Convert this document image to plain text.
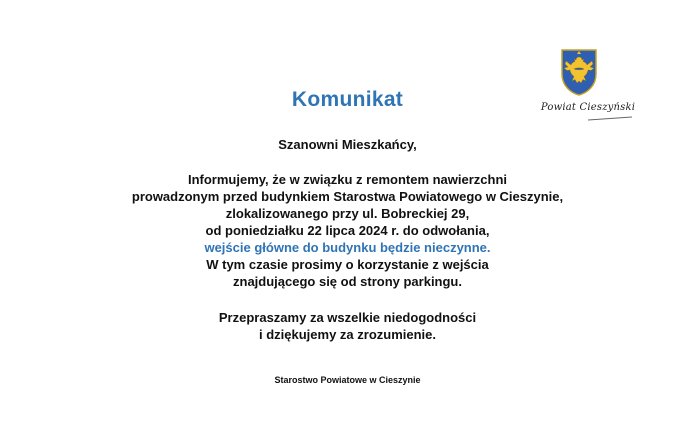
Powiat Cieszyński
Komunikat
Szanowni Mieszkańcy,
Informujemy, że w związku z remontem nawierzchni
prowadzonym przed budynkiem Starostwa Powiatowego w Cieszynie,
zlokalizowanego przy ul. Bobreckiej 29,
od poniedziałku 22 lipca 2024 r. do odwołania,
wejście główne do budynku będzie nieczynne.
W tym czasie prosimy o korzystanie z wejścia
znajdującego się od strony parkingu.
Przepraszamy za wszelkie niedogodności
i dziękujemy za zrozumienie.
Starostwo Powiatowe w Cieszynie
